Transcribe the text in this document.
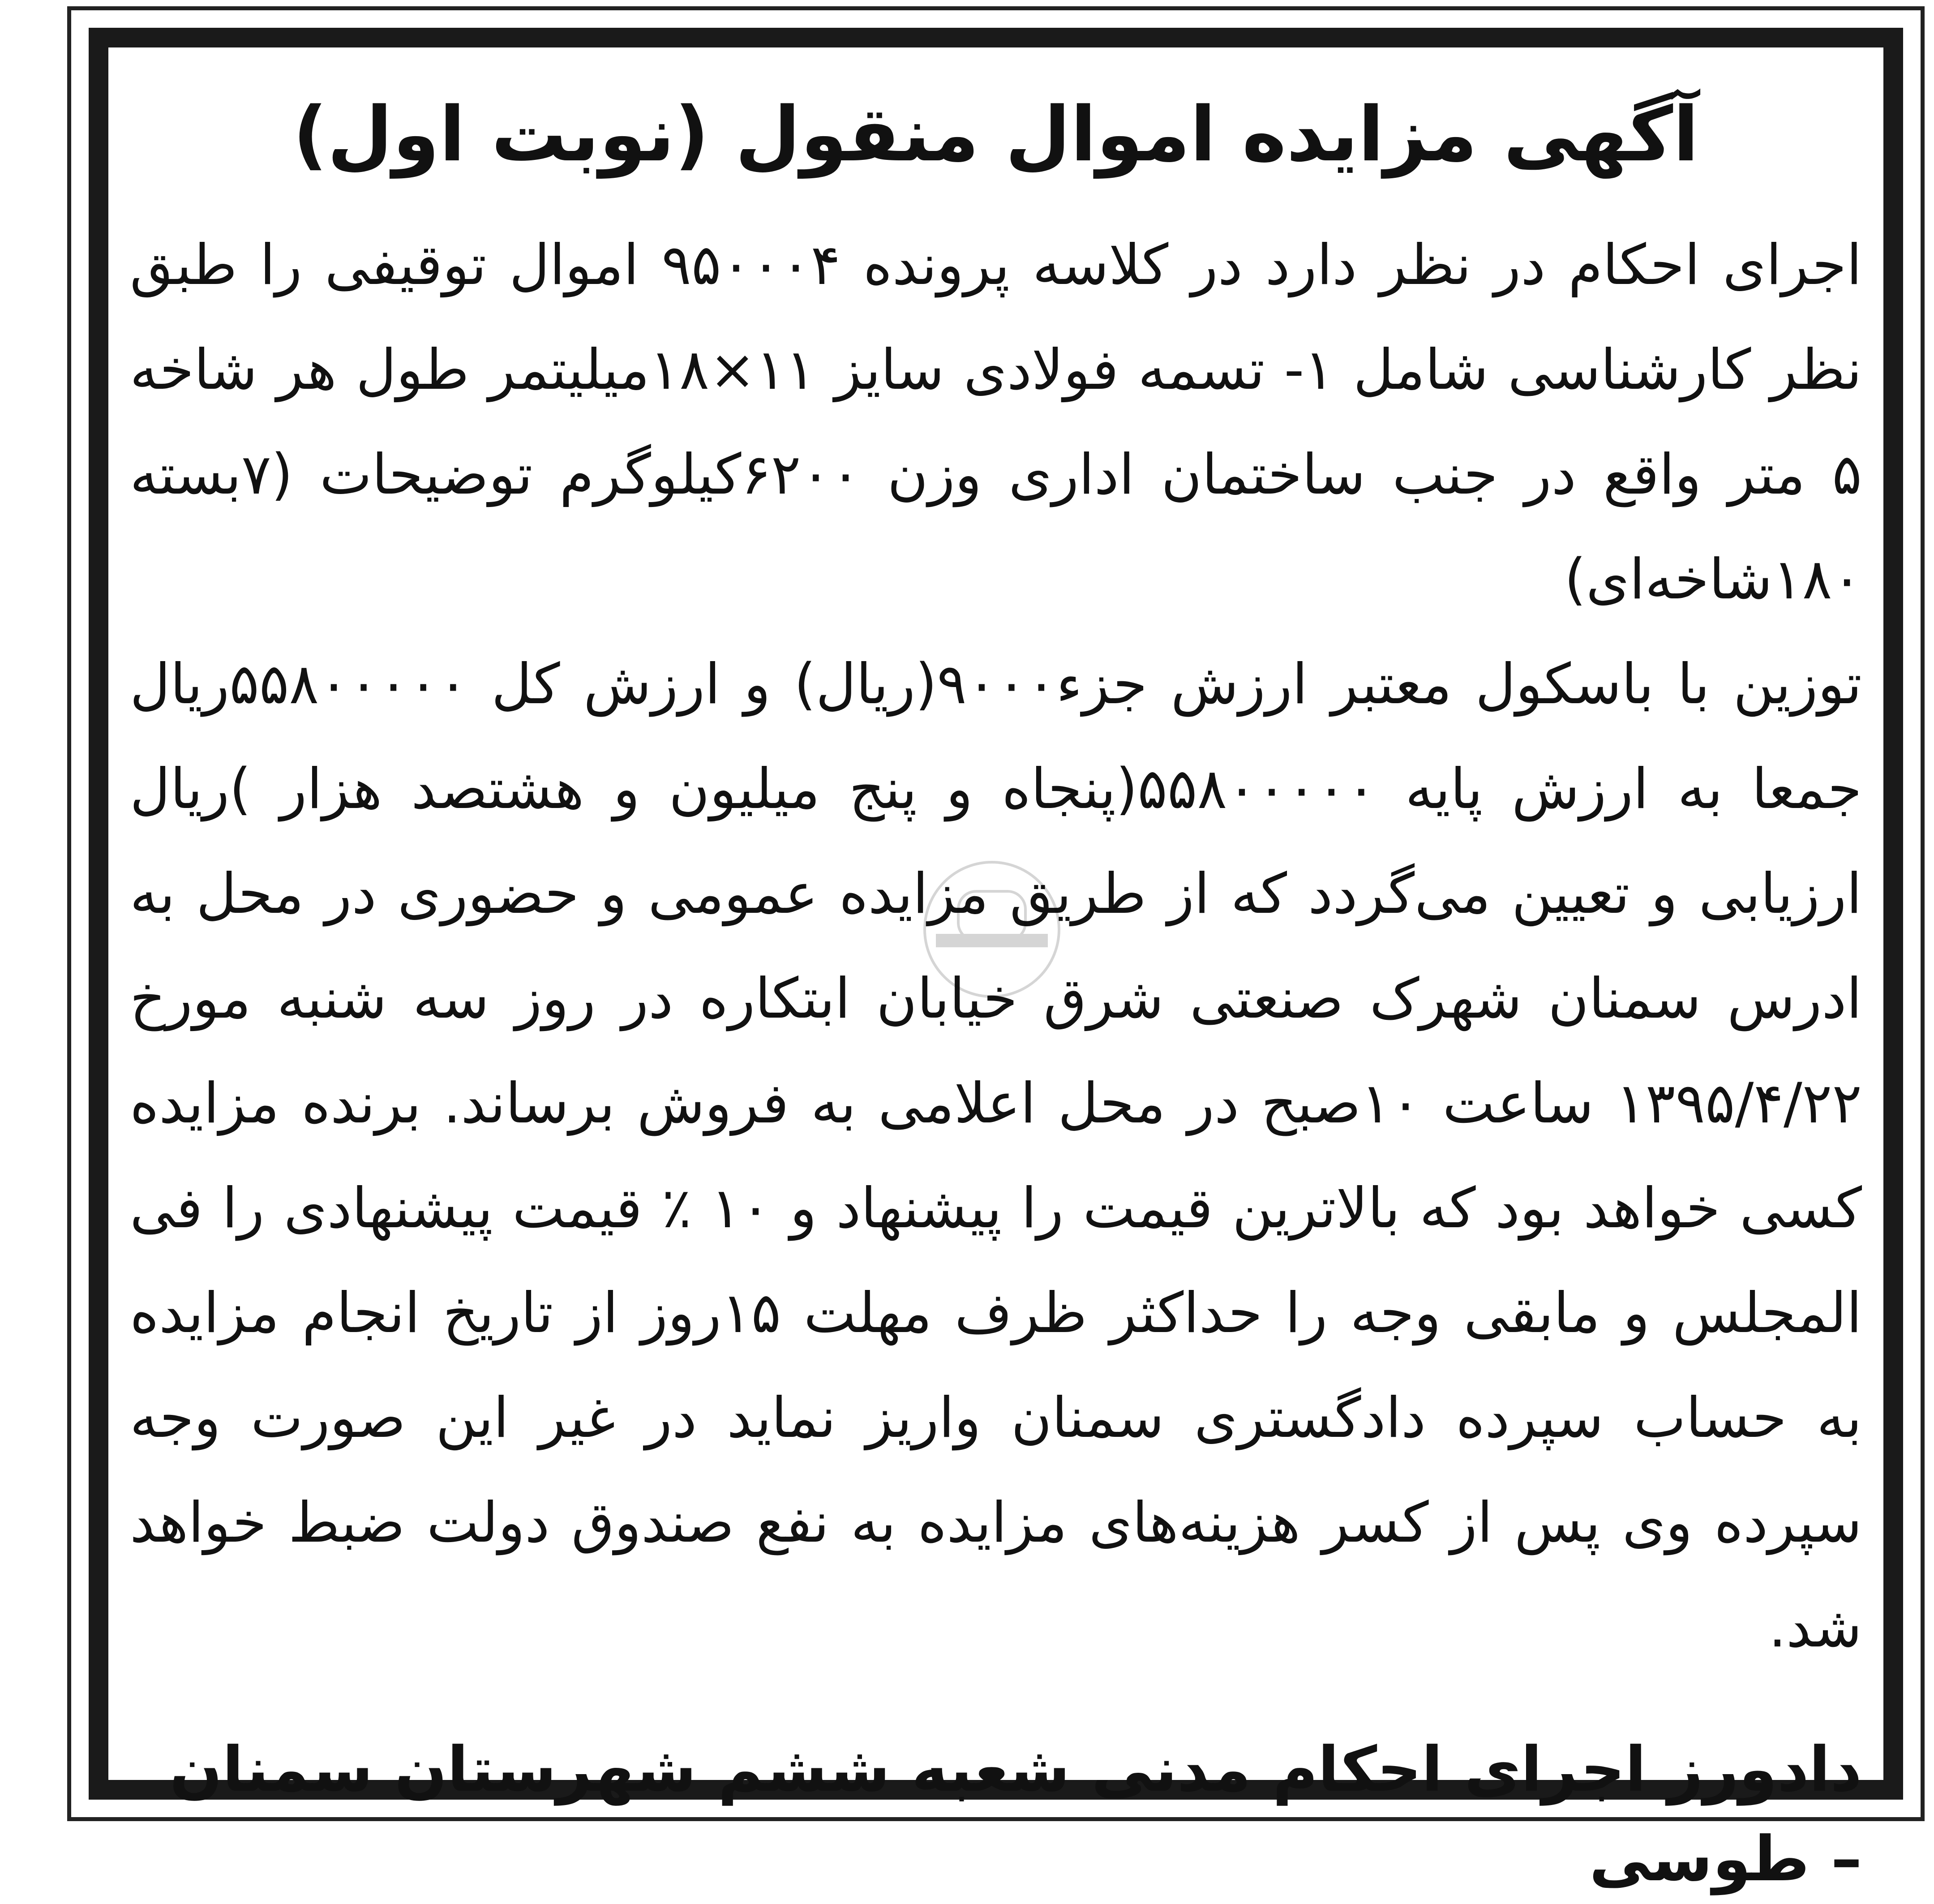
آگهی مزایده اموال منقول (نوبت اول)
اجرای احکام در نظر دارد در کلاسه پرونده ۹۵۰۰۰۴ اموال توقیفی را طبق نظر کارشناسی شامل ۱- تسمه فولادی سایز ۱۱×۱۸میلیتمر طول هر شاخه ۵ متر واقع در جنب ساختمان اداری وزن ۶۲۰۰کیلوگرم توضیحات (۷بسته ۱۸۰شاخه‌ای)
توزین با باسکول معتبر ارزش جزء۹۰۰۰(ریال) و ارزش کل ۵۵۸۰۰۰۰۰ریال جمعا به ارزش پایه ۵۵۸۰۰۰۰۰(پنجاه و پنج میلیون و هشتصد هزار )ریال ارزیابی و تعیین می‌گردد که از طریق مزایده عمومی و حضوری در محل به ادرس سمنان شهرک صنعتی شرق خیابان ابتکاره در روز سه شنبه مورخ ۱۳۹۵/۴/۲۲ ساعت ۱۰صبح در محل اعلامی به فروش برساند. برنده مزایده کسی خواهد بود که بالاترین قیمت را پیشنهاد و ۱۰ ٪ قیمت پیشنهادی را فی المجلس و مابقی وجه را حداکثر ظرف مهلت ۱۵روز از تاریخ انجام مزایده به حساب سپرده دادگستری سمنان واریز نماید در غیر این صورت وجه سپرده وی پس از کسر هزینه‌های مزایده به نفع صندوق دولت ضبط خواهد شد.
دادورز اجرای احکام مدنی شعبه ششم شهرستان سمنان – طوسی
